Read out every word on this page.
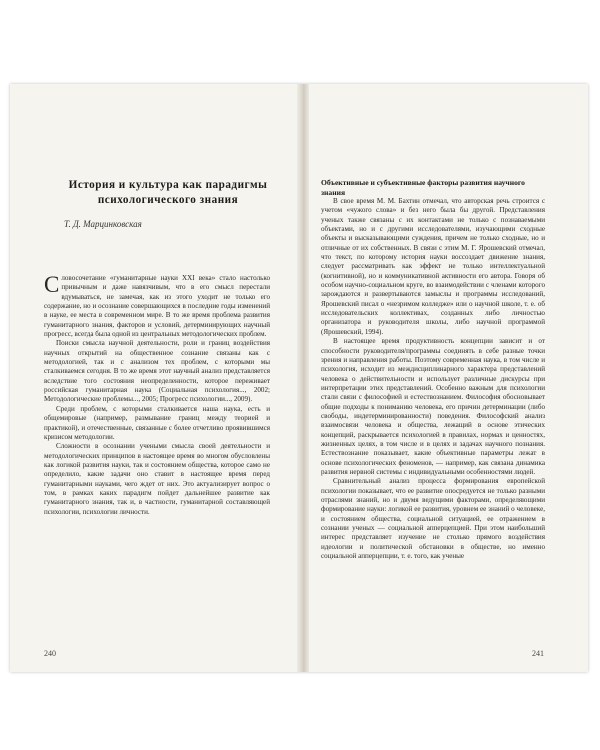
История и культура как парадигмы психологического знания
Т. Д. Марцинковская

Словосочетание «гуманитарные науки XXI века» стало настолько привычным и даже навязчивым, что в его смысл перестали вдумываться, не замечая, как из этого уходит не только его содержание, но и осознание совершающихся в последние годы изменений в науке, ее места в современном мире. В то же время проблема развития гуманитарного знания, факторов и условий, детерминирующих научный прогресс, всегда была одной из центральных методологических проблем.

Поиски смысла научной деятельности, роли и границ воздействия научных открытий на общественное сознание связаны как с методологией, так и с анализом тех проблем, с которыми мы сталкиваемся сегодня. В то же время этот научный анализ представляется вследствие того состояния неопределенности, которое переживает российская гуманитарная наука (Социальная психология..., 2002; Методологические проблемы..., 2005; Прогресс психологии..., 2009).

Среди проблем, с которыми сталкивается наша наука, есть и общемировые (например, размывание границ между теорией и практикой), и отечественные, связанные с более отчетливо проявившимся кризисом методологии.

Сложности в осознании учеными смысла своей деятельности и методологических принципов в настоящее время во многом обусловлены как логикой развития науки, так и состоянием общества, которое само не определило, какие задачи оно ставит в настоящее время перед гуманитарными науками, чего ждет от них. Это актуализирует вопрос о том, в рамках каких парадигм пойдет дальнейшее развитие как гуманитарного знания, так и, в частности, гуманитарной составляющей психологии, психологии личности.

240
Объективные и субъективные факторы развития научного знания

В свое время М. М. Бахтин отмечал, что авторская речь строится с учетом «чужого слова» и без него была бы другой. Представления ученых также связаны с их контактами не только с познаваемыми объектами, но и с другими исследователями, изучающими сходные объекты и высказывающими суждения, причем не только сходные, но и отличные от их собственных. В связи с этим М. Г. Ярошевский отмечал, что текст, по которому история науки воссоздает движение знания, следует рассматривать как эффект не только интеллектуальной (когнитивной), но и коммуникативной активности его автора. Говоря об особом научно-социальном круге, во взаимодействии с членами которого зарождаются и развертываются замыслы и программы исследований, Ярошевский писал о «незримом колледже» или о научной школе, т. е. об исследовательских коллективах, созданных либо личностью организатора и руководителя школы, либо научной программой (Ярошевский, 1994).

В настоящее время продуктивность концепции зависит и от способности руководителя/программы соединять в себе разные точки зрения и направления работы. Поэтому современная наука, в том числе и психология, исходит из междисциплинарного характера представлений человека о действительности и использует различные дискурсы при интерпретации этих представлений. Особенно важным для психологии стали связи с философией и естествознанием. Философия обосновывает общие подходы к пониманию человека, его причин детерминации (либо свободы, индетерминированности) поведения. Философский анализ взаимосвязи человека и общества, лежащий в основе этических концепций, раскрывается психологией в правилах, нормах и ценностях, жизненных целях, в том числе и в целях и задачах научного познания. Естествознание показывает, какие объективные параметры лежат в основе психологических феноменов, — например, как связана динамика развития нервной системы с индивидуальными особенностями людей.

Сравнительный анализ процесса формирования европейской психологии показывает, что ее развитие опосредуется не только разными отраслями знаний, но и двумя ведущими факторами, определяющими формирование науки: логикой ее развития, уровнем ее знаний о человеке, и состоянием общества, социальной ситуацией, ее отражением в сознании ученых — социальной апперцепцией. При этом наибольший интерес представляет изучение не столько прямого воздействия идеологии и политической обстановки в обществе, но именно социальной апперцепции, т. е. того, как ученые

241
